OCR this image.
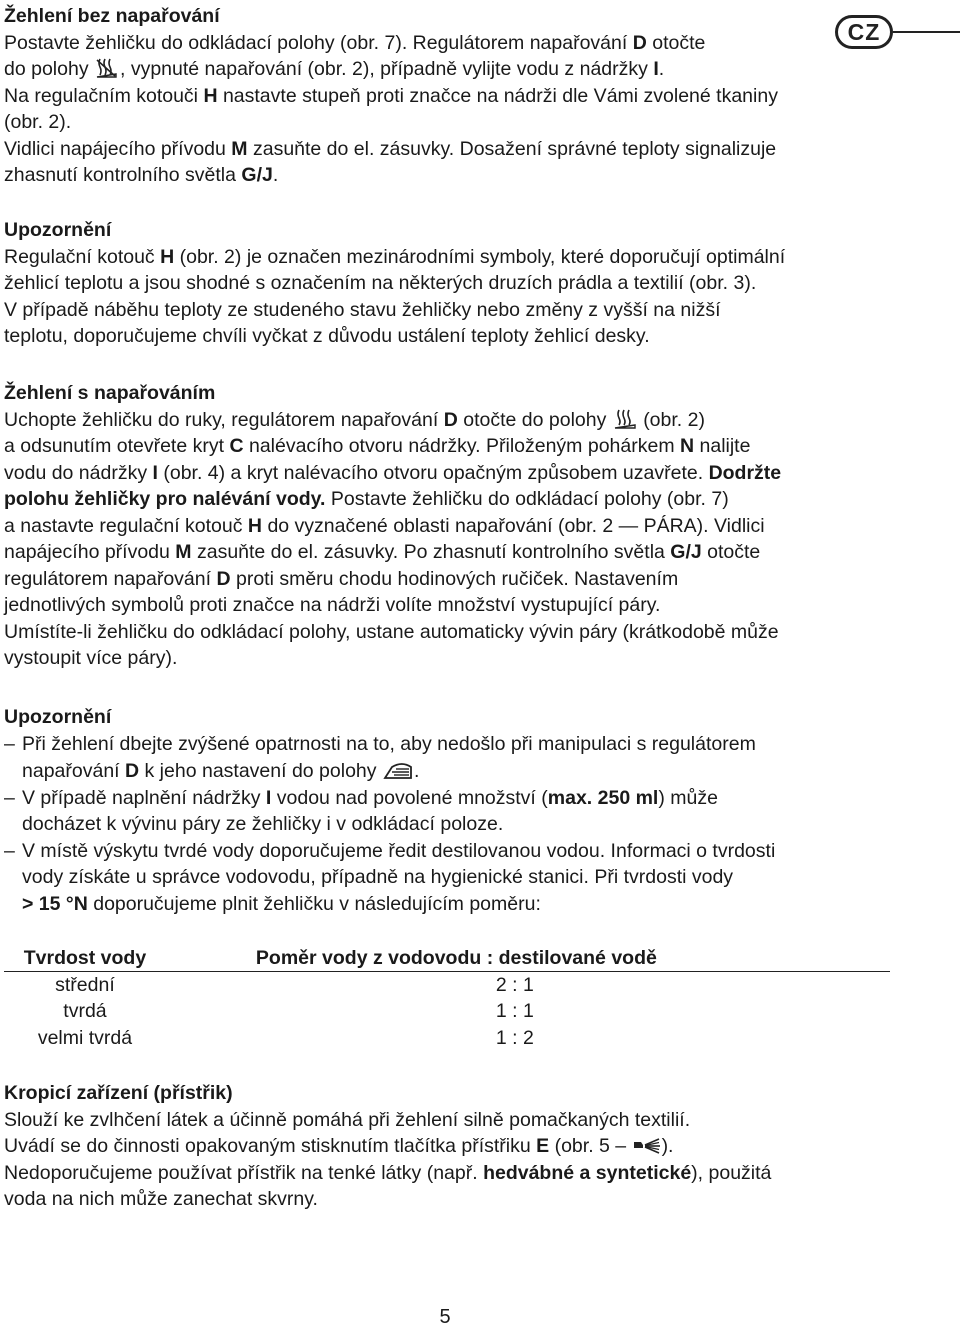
CZ
Žehlení bez napařování
Postavte žehličku do odkládací polohy (obr. 7). Regulátorem napařování D otočte
do polohy , vypnuté napařování (obr. 2), případně vylijte vodu z nádržky I.
Na regulačním kotouči H nastavte stupeň proti značce na nádrži dle Vámi zvolené tkaniny
(obr. 2).
Vidlici napájecího přívodu M zasuňte do el. zásuvky. Dosažení správné teploty signalizuje
zhasnutí kontrolního světla G/J.
Upozornění
Regulační kotouč H (obr. 2) je označen mezinárodními symboly, které doporučují optimální
žehlicí teplotu a jsou shodné s označením na některých druzích prádla a textilií (obr. 3).
V případě náběhu teploty ze studeného stavu žehličky nebo změny z vyšší na nižší
teplotu, doporučujeme chvíli vyčkat z důvodu ustálení teploty žehlicí desky.
Žehlení s napařováním
Uchopte žehličku do ruky, regulátorem napařování D otočte do polohy (obr. 2)
a odsunutím otevřete kryt C nalévacího otvoru nádržky. Přiloženým pohárkem N nalijte
vodu do nádržky I (obr. 4) a kryt nalévacího otvoru opačným způsobem uzavřete. Dodržte
polohu žehličky pro nalévání vody. Postavte žehličku do odkládací polohy (obr. 7)
a nastavte regulační kotouč H do vyznačené oblasti napařování (obr. 2 — PÁRA). Vidlici
napájecího přívodu M zasuňte do el. zásuvky. Po zhasnutí kontrolního světla G/J otočte
regulátorem napařování D proti směru chodu hodinových ručiček. Nastavením
jednotlivých symbolů proti značce na nádrži volíte množství vystupující páry.
Umístíte-li žehličku do odkládací polohy, ustane automaticky vývin páry (krátkodobě může
vystoupit více páry).
Upozornění
– Při žehlení dbejte zvýšené opatrnosti na to, aby nedošlo při manipulaci s regulátorem
napařování D k jeho nastavení do polohy .
– V případě naplnění nádržky I vodou nad povolené množství (max. 250 ml) může
docházet k vývinu páry ze žehličky i v odkládací poloze.
– V místě výskytu tvrdé vody doporučujeme ředit destilovanou vodou. Informaci o tvrdosti
vody získáte u správce vodovodu, případně na hygienické stanici. Při tvrdosti vody
> 15 °N doporučujeme plnit žehličku v následujícím poměru:
Tvrdost vody	Poměr vody z vodovodu : destilované vodě
střední	2 : 1
tvrdá	1 : 1
velmi tvrdá	1 : 2
Kropicí zařízení (přístřik)
Slouží ke zvlhčení látek a účinně pomáhá při žehlení silně pomačkaných textilií.
Uvádí se do činnosti opakovaným stisknutím tlačítka přístřiku E (obr. 5 – ).
Nedoporučujeme používat přístřik na tenké látky (např. hedvábné a syntetické), použitá
voda na nich může zanechat skvrny.
5
